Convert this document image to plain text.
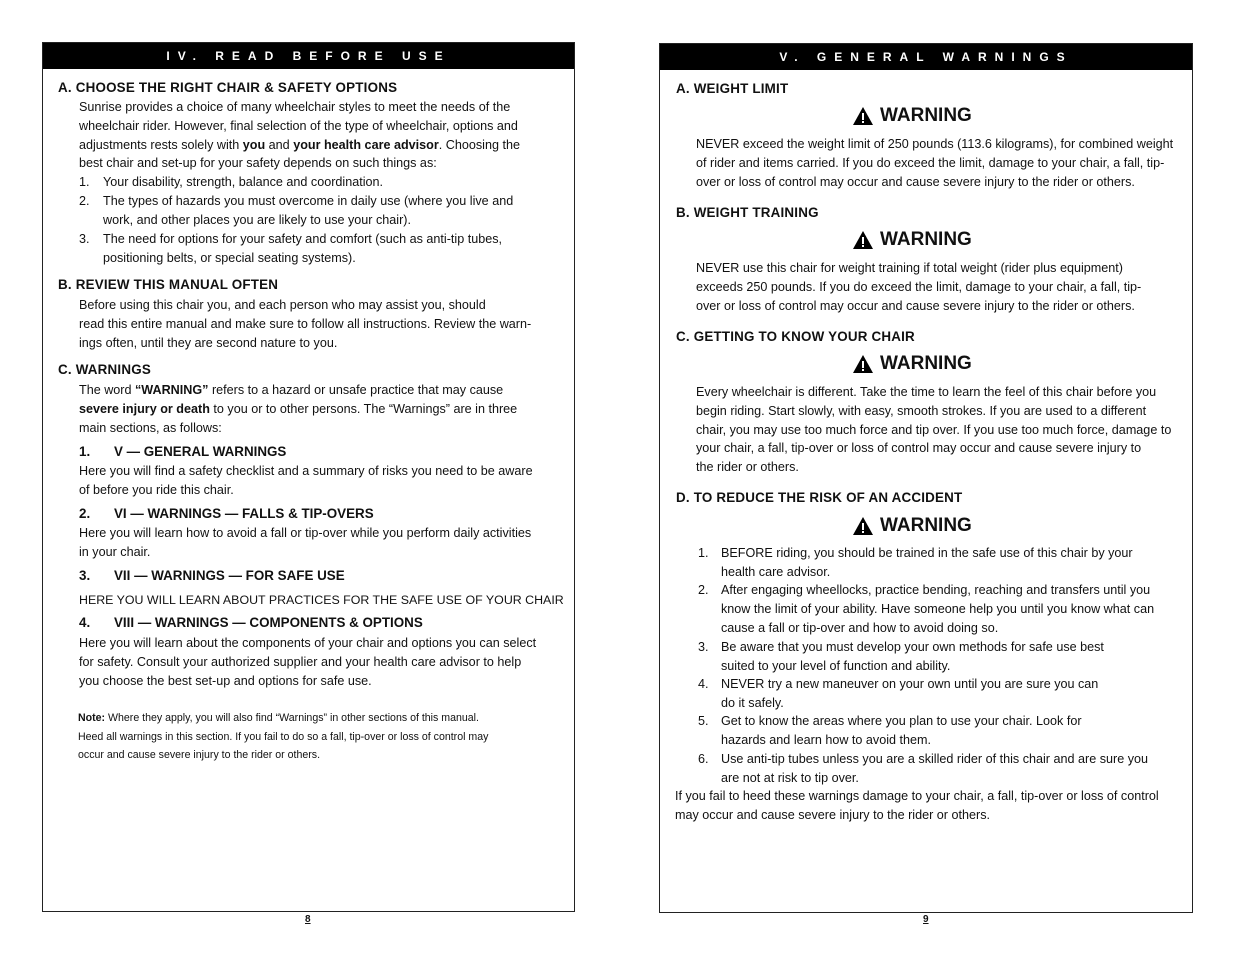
IV. READ BEFORE USE
A. CHOOSE THE RIGHT CHAIR & SAFETY OPTIONS
Sunrise provides a choice of many wheelchair styles to meet the needs of the
wheelchair rider. However, final selection of the type of wheelchair, options and
adjustments rests solely with you and your health care advisor. Choosing the
best chair and set-up for your safety depends on such things as:
1. Your disability, strength, balance and coordination.
2. The types of hazards you must overcome in daily use (where you live and
work, and other places you are likely to use your chair).
3. The need for options for your safety and comfort (such as anti-tip tubes,
positioning belts, or special seating systems).
B. REVIEW THIS MANUAL OFTEN
Before using this chair you, and each person who may assist you, should
read this entire manual and make sure to follow all instructions. Review the warn-
ings often, until they are second nature to you.
C. WARNINGS
The word “WARNING” refers to a hazard or unsafe practice that may cause
severe injury or death to you or to other persons. The “Warnings” are in three
main sections, as follows:
1. V — GENERAL WARNINGS
Here you will find a safety checklist and a summary of risks you need to be aware
of before you ride this chair.
2. VI — WARNINGS — FALLS & TIP-OVERS
Here you will learn how to avoid a fall or tip-over while you perform daily activities
in your chair.
3. VII — WARNINGS — FOR SAFE USE
HERE YOU WILL LEARN ABOUT PRACTICES FOR THE SAFE USE OF YOUR CHAIR
4. VIII — WARNINGS — COMPONENTS & OPTIONS
Here you will learn about the components of your chair and options you can select
for safety. Consult your authorized supplier and your health care advisor to help
you choose the best set-up and options for safe use.
Note: Where they apply, you will also find “Warnings” in other sections of this manual.
Heed all warnings in this section. If you fail to do so a fall, tip-over or loss of control may
occur and cause severe injury to the rider or others.
8
V. GENERAL WARNINGS
A. WEIGHT LIMIT
WARNING
NEVER exceed the weight limit of 250 pounds (113.6 kilograms), for combined weight
of rider and items carried. If you do exceed the limit, damage to your chair, a fall, tip-
over or loss of control may occur and cause severe injury to the rider or others.
B. WEIGHT TRAINING
WARNING
NEVER use this chair for weight training if total weight (rider plus equipment)
exceeds 250 pounds. If you do exceed the limit, damage to your chair, a fall, tip-
over or loss of control may occur and cause severe injury to the rider or others.
C. GETTING TO KNOW YOUR CHAIR
WARNING
Every wheelchair is different. Take the time to learn the feel of this chair before you
begin riding. Start slowly, with easy, smooth strokes. If you are used to a different
chair, you may use too much force and tip over. If you use too much force, damage to
your chair, a fall, tip-over or loss of control may occur and cause severe injury to
the rider or others.
D. TO REDUCE THE RISK OF AN ACCIDENT
WARNING
1. BEFORE riding, you should be trained in the safe use of this chair by your
health care advisor.
2. After engaging wheellocks, practice bending, reaching and transfers until you
know the limit of your ability. Have someone help you until you know what can
cause a fall or tip-over and how to avoid doing so.
3. Be aware that you must develop your own methods for safe use best
suited to your level of function and ability.
4. NEVER try a new maneuver on your own until you are sure you can
do it safely.
5. Get to know the areas where you plan to use your chair. Look for
hazards and learn how to avoid them.
6. Use anti-tip tubes unless you are a skilled rider of this chair and are sure you
are not at risk to tip over.
If you fail to heed these warnings damage to your chair, a fall, tip-over or loss of control
may occur and cause severe injury to the rider or others.
9
